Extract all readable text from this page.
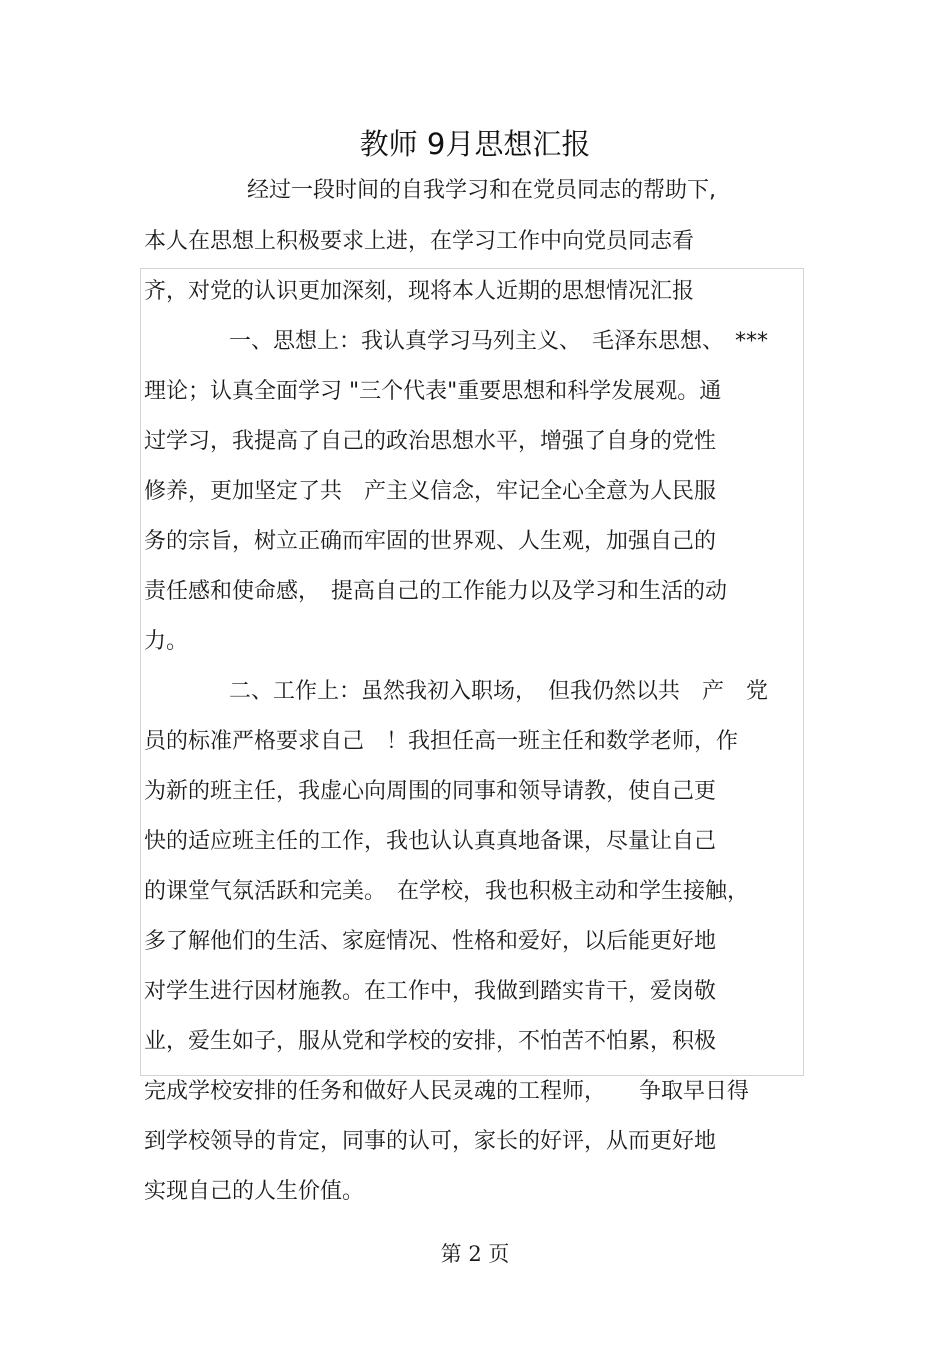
教师 9月思想汇报
经过一段时间的自我学习和在党员同志的帮助下,
本人在思想上积极要求上进，在学习工作中向党员同志看
齐，对党的认识更加深刻，现将本人近期的思想情况汇报
一、思想上：我认真学习马列主义、　毛泽东思想、　***
理论；认真全面学习 "三个代表"重要思想和科学发展观。通
过学习，我提高了自己的政治思想水平，增强了自身的党性
修养，更加坚定了共　产主义信念，牢记全心全意为人民服
务的宗旨，树立正确而牢固的世界观、人生观，加强自己的
责任感和使命感，　提高自己的工作能力以及学习和生活的动
力。
二、工作上：虽然我初入职场，　但我仍然以共　产　党
员的标准严格要求自己　！我担任高一班主任和数学老师，作
为新的班主任，我虚心向周围的同事和领导请教，使自己更
快的适应班主任的工作，我也认认真真地备课，尽量让自己
的课堂气氛活跃和完美。　在学校，我也积极主动和学生接触，
多了解他们的生活、家庭情况、性格和爱好，以后能更好地
对学生进行因材施教。在工作中，我做到踏实肯干，爱岗敬
业，爱生如子，服从党和学校的安排，不怕苦不怕累，积极
完成学校安排的任务和做好人民灵魂的工程师，　　争取早日得
到学校领导的肯定，同事的认可，家长的好评，从而更好地
实现自己的人生价值。
第 2 页
